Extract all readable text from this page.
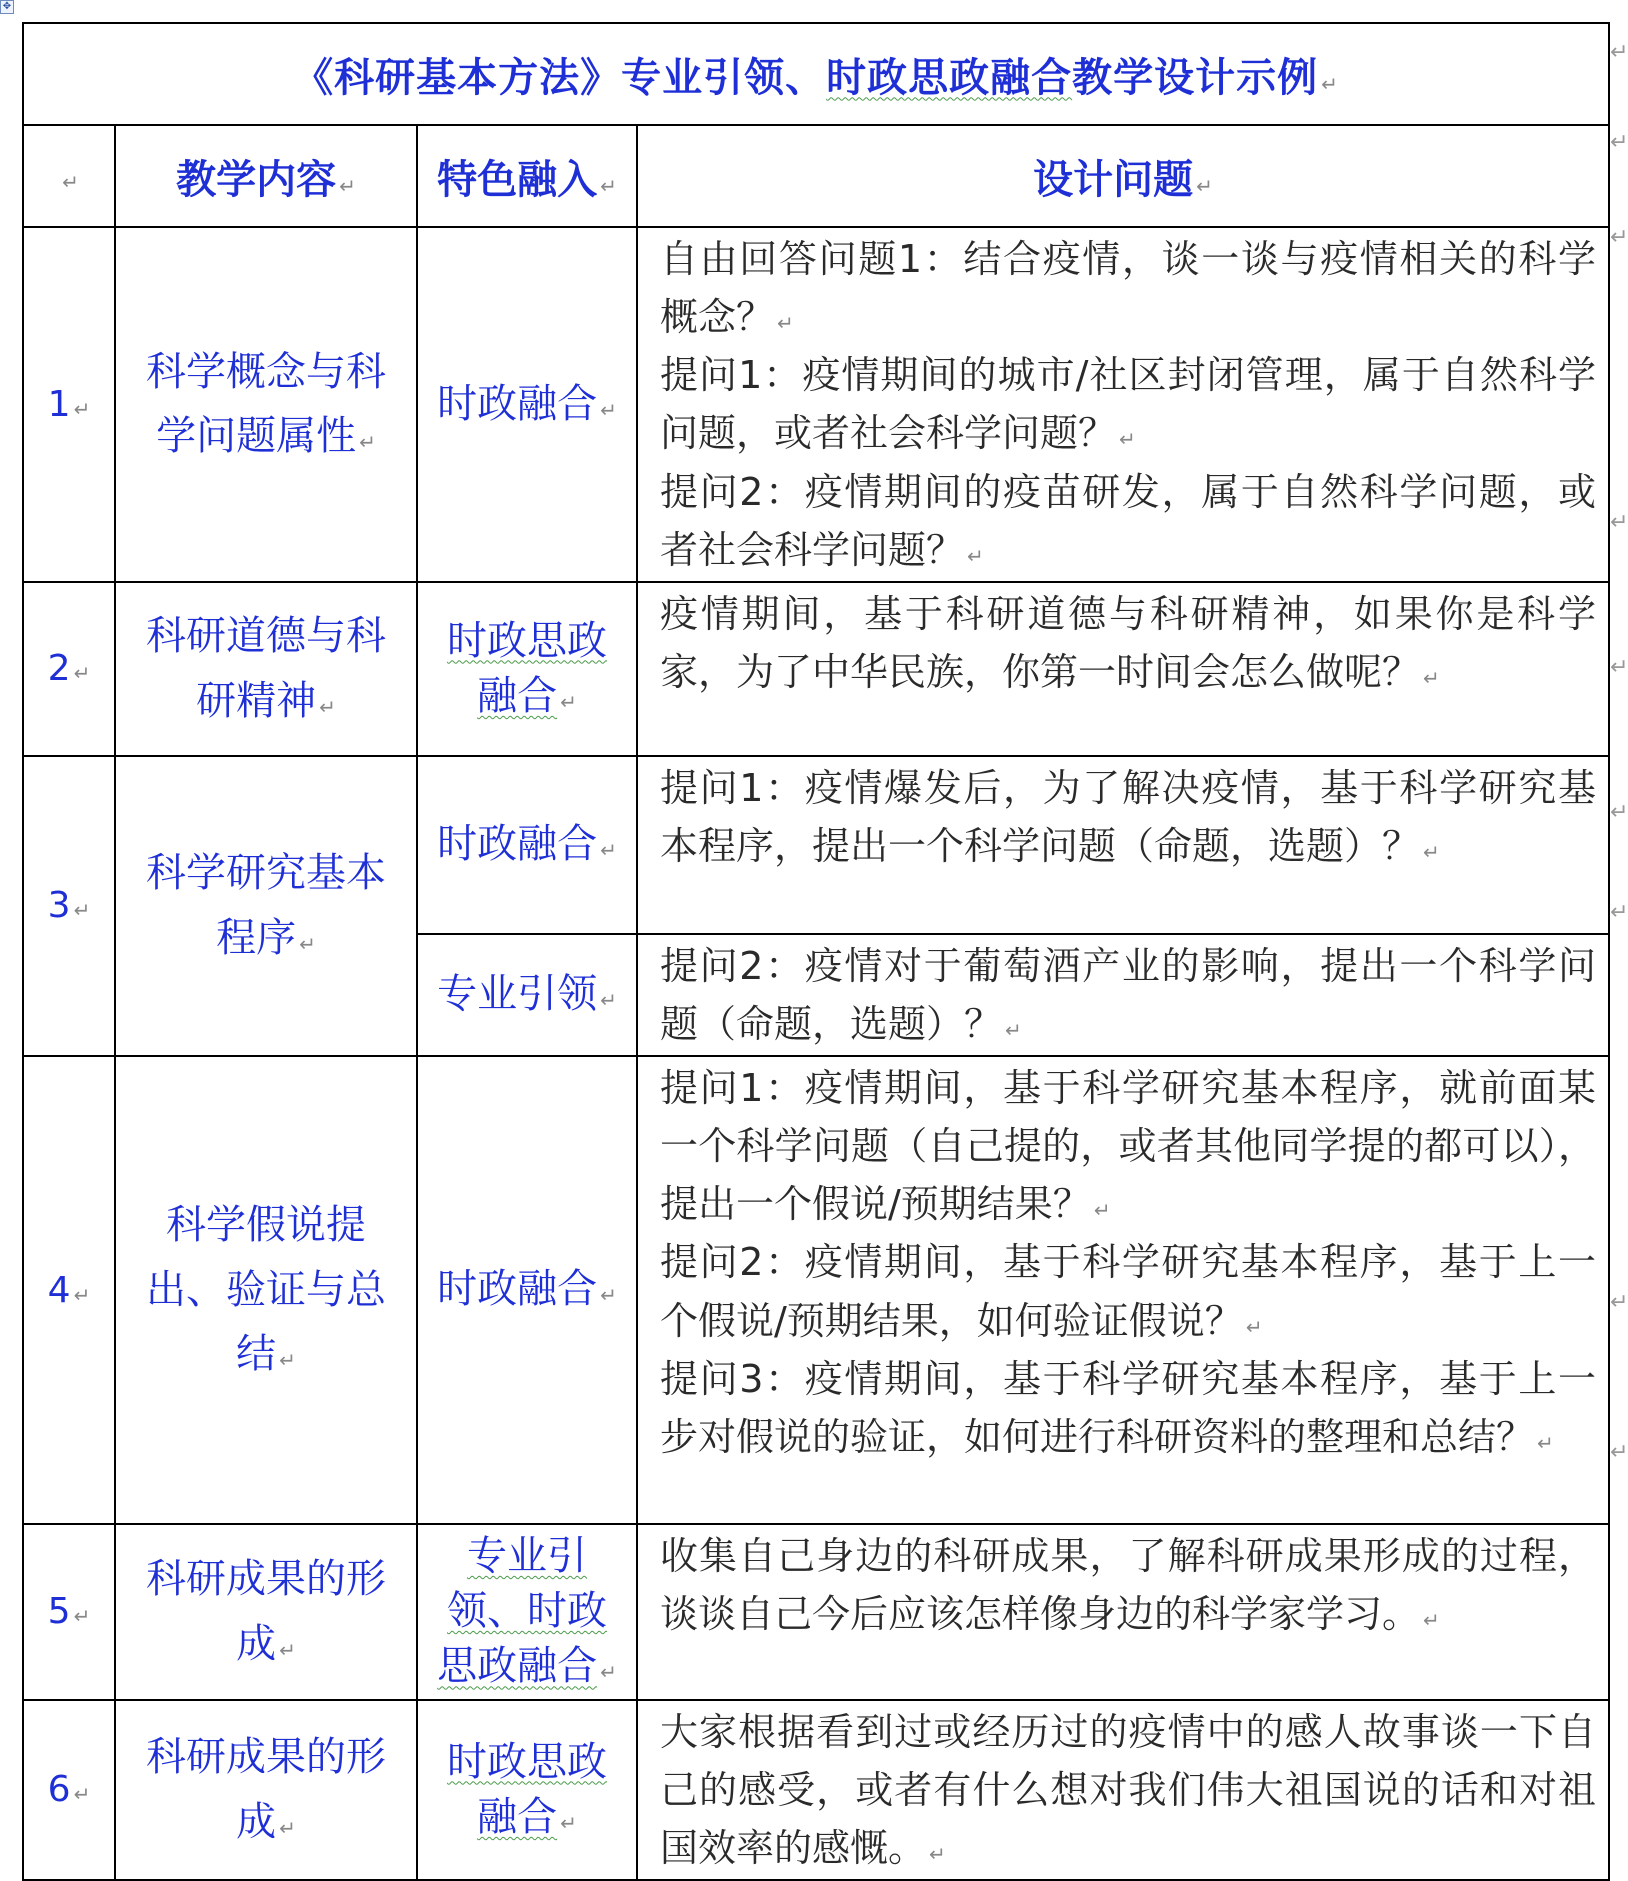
✥
《科研基本方法》专业引领、时政思政融合教学设计示例 ↵			
↵	教学内容 ↵	特色融入 ↵	设计问题 ↵
1 ↵	科学概念与科学问题属性 ↵	时政融合 ↵	自由回答问题1：结合疫情，谈一谈与疫情相关的科学概念？ ↵

提问1：疫情期间的城市/社区封闭管理，属于自然科学问题，或者社会科学问题？ ↵

提问2：疫情期间的疫苗研发，属于自然科学问题，或者社会科学问题？ ↵

2 ↵	科研道德与科研精神 ↵	时政思政融合 ↵	疫情期间，基于科研道德与科研精神，如果你是科学家，为了中华民族，你第一时间会怎么做呢？ ↵

3 ↵	科学研究基本程序 ↵	时政融合 ↵	提问1：疫情爆发后，为了解决疫情，基于科学研究基本程序，提出一个科学问题（命题，选题）？ ↵

		专业引领 ↵	提问2：疫情对于葡萄酒产业的影响，提出一个科学问题（命题，选题）？ ↵

4 ↵	科学假说提出、验证与总结 ↵	时政融合 ↵	提问1：疫情期间，基于科学研究基本程序，就前面某一个科学问题（自己提的，或者其他同学提的都可以），提出一个假说/预期结果？ ↵

提问2：疫情期间，基于科学研究基本程序，基于上一个假说/预期结果，如何验证假说？ ↵

提问3：疫情期间，基于科学研究基本程序，基于上一步对假说的验证，如何进行科研资料的整理和总结？ ↵

5 ↵	科研成果的形成 ↵	专业引领、时政思政融合 ↵	收集自己身边的科研成果，了解科研成果形成的过程，谈谈自己今后应该怎样像身边的科学家学习。 ↵

6 ↵	科研成果的形成 ↵	时政思政融合 ↵	大家根据看到过或经历过的疫情中的感人故事谈一下自己的感受，或者有什么想对我们伟大祖国说的话和对祖国效率的感慨。 ↵

↵
↵
↵
↵
↵
↵
↵
↵
↵
